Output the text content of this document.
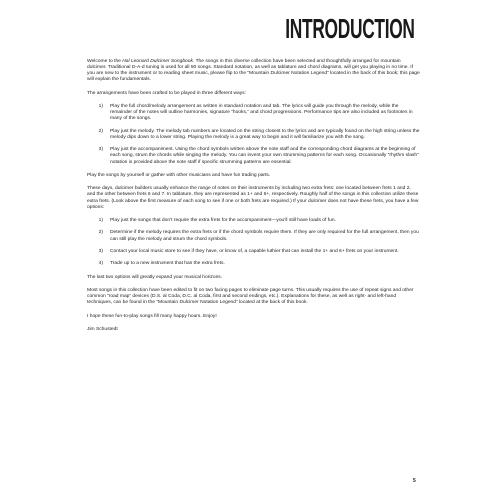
INTRODUCTION

Welcome to the Hal Leonard Dulcimer Songbook. The songs in this diverse collection have been selected and thoughtfully arranged for mountain dulcimer. Traditional D-A-d tuning is used for all 50 songs. Standard notation, as well as tablature and chord diagrams, will get you playing in no time. If you are new to the instrument or to reading sheet music, please flip to the “Mountain Dulcimer Notation Legend” located in the back of this book; this page will explain the fundamentals.

The arrangements have been crafted to be played in three different ways:

1) Play the full chord/melody arrangement as written in standard notation and tab. The lyrics will guide you through the melody, while the remainder of the notes will outline harmonies, signature “hooks,” and chord progressions. Performance tips are also included as footnotes in many of the songs.
2) Play just the melody. The melody tab numbers are located on the string closest to the lyrics and are typically found on the high string unless the melody dips down to a lower string. Playing the melody is a great way to begin and it will familiarize you with the song.
3) Play just the accompaniment. Using the chord symbols written above the note staff and the corresponding chord diagrams at the beginning of each song, strum the chords while singing the melody. You can invent your own strumming patterns for each song. Occasionally “rhythm slash” notation is provided above the note staff if specific strumming patterns are essential.

Play the songs by yourself or gather with other musicians and have fun trading parts.

These days, dulcimer builders usually enhance the range of notes on their instruments by including two extra frets: one located between frets 1 and 2, and the other between frets 6 and 7. In tablature, they are represented as 1+ and 6+, respectively. Roughly half of the songs in this collection utilize these extra frets. (Look above the first measure of each song to see if one or both frets are required.) If your dulcimer does not have these frets, you have a few options:

1) Play just the songs that don’t require the extra frets for the accompaniment—you’ll still have loads of fun.
2) Determine if the melody requires the extra frets or if the chord symbols require them. If they are only required for the full arrangement, then you can still play the melody and strum the chord symbols.
3) Contact your local music store to see if they have, or know of, a capable luthier that can install the 1+ and 6+ frets on your instrument.
4) Trade up to a new instrument that has the extra frets.

The last two options will greatly expand your musical horizons.

Most songs in this collection have been edited to fit on two facing pages to eliminate page turns. This usually requires the use of repeat signs and other common “road map” devices (D.S. al Coda, D.C. al Coda, first and second endings, etc.). Explanations for these, as well as right- and left-hand techniques, can be found in the “Mountain Dulcimer Notation Legend” located at the back of this book.

I hope these fun-to-play songs fill many happy hours. Enjoy!

Jim Schustedt

5
